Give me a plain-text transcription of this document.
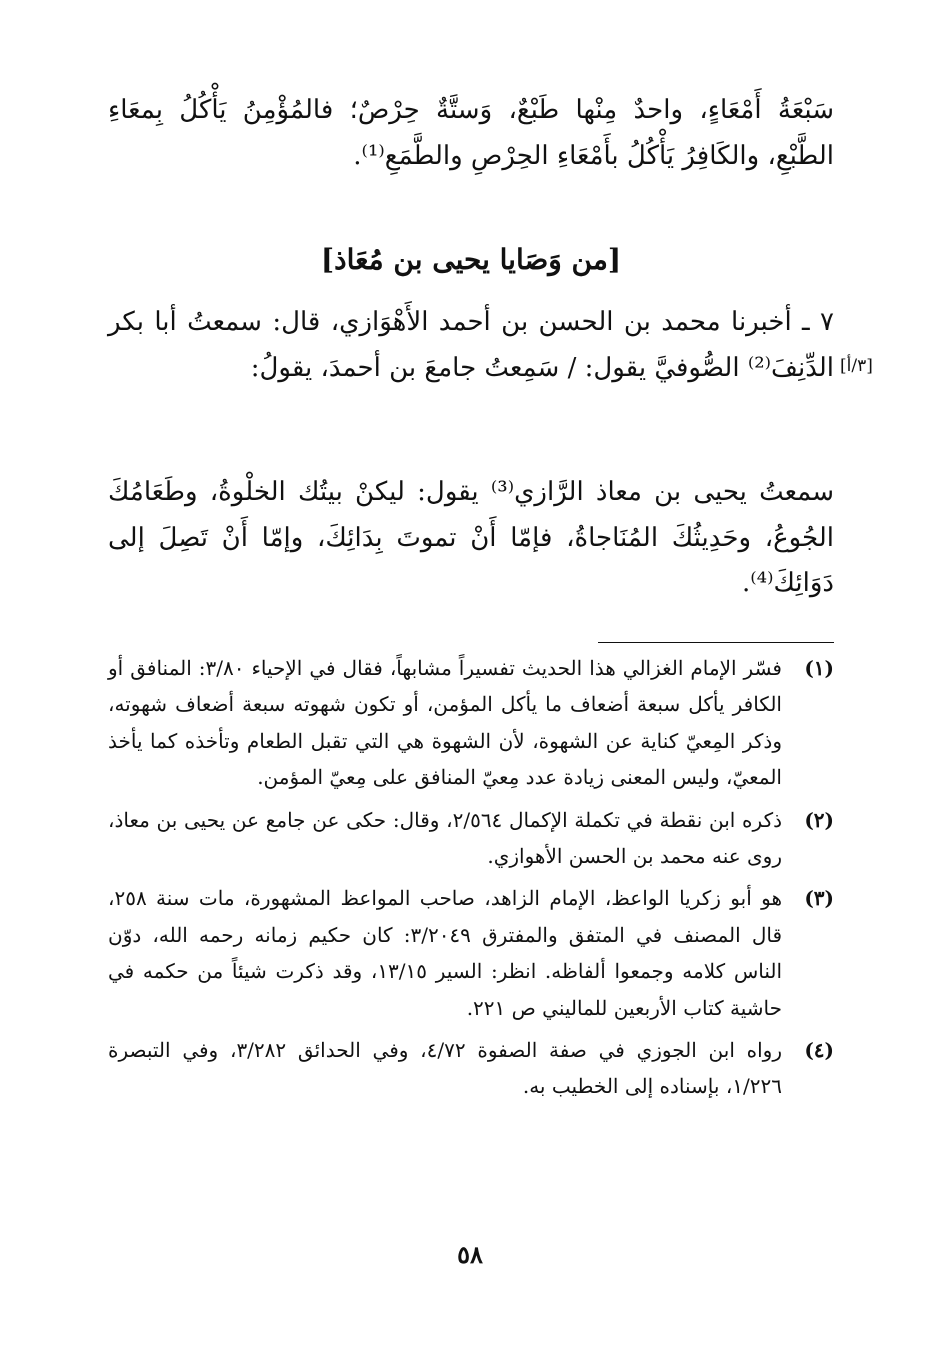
سَبْعَةُ أَمْعَاءٍ، واحدٌ مِنْها طَبْعٌ، وَستَّةٌ حِرْصٌ؛ فالمُؤْمِنُ يَأْكُلُ بِمعَاءِ الطَّبْعِ، والكَافِرُ يَأْكُلُ بأَمْعَاءِ الحِرْصِ والطَّمَعِ⁽¹⁾.

[من وَصَايا يحيى بن مُعَاذ]

٧ ـ أخبرنا محمد بن الحسن بن أحمد الأَهْوَازي، قال: سمعتُ أبا بكر الدِّنِفَ⁽²⁾ الصُّوفيَّ يقول: / سَمِعتُ جامعَ بن أحمدَ، يقولُ: [٣/أ]

سمعتُ يحيى بن معاذ الرَّازي⁽³⁾ يقول: ليكنْ بيتُك الخلْوةُ، وطَعَامُكَ الجُوعُ، وحَدِيثُكَ المُنَاجاةُ، فإمّا أَنْ تموتَ بِدَائِكَ، وإمّا أَنْ تَصِلَ إلى دَوَائِكَ⁽⁴⁾.

(١)
فسّر الإمام الغزالي هذا الحديث تفسيراً مشابهاً، فقال في الإحياء ٣/٨٠: المنافق أو الكافر يأكل سبعة أضعاف ما يأكل المؤمن، أو تكون شهوته سبعة أضعاف شهوته، وذكر المِعيّ كناية عن الشهوة، لأن الشهوة هي التي تقبل الطعام وتأخذه كما يأخذ المعيّ، وليس المعنى زيادة عدد مِعيّ المنافق على مِعيّ المؤمن.
(٢)
ذكره ابن نقطة في تكملة الإكمال ٢/٥٦٤، وقال: حكى عن جامع عن يحيى بن معاذ، روى عنه محمد بن الحسن الأهوازي.
(٣)
هو أبو زكريا الواعظ، الإمام الزاهد، صاحب المواعظ المشهورة، مات سنة ٢٥٨، قال المصنف في المتفق والمفترق ٣/٢٠٤٩: كان حكيم زمانه رحمه الله، دوّن الناس كلامه وجمعوا ألفاظه. انظر: السير ١٣/١٥، وقد ذكرت شيئاً من حكمه في حاشية كتاب الأربعين للماليني ص ٢٢١.
(٤)
رواه ابن الجوزي في صفة الصفوة ٤/٧٢، وفي الحدائق ٣/٢٨٢، وفي التبصرة ١/٢٢٦، بإسناده إلى الخطيب به.
٥٨
